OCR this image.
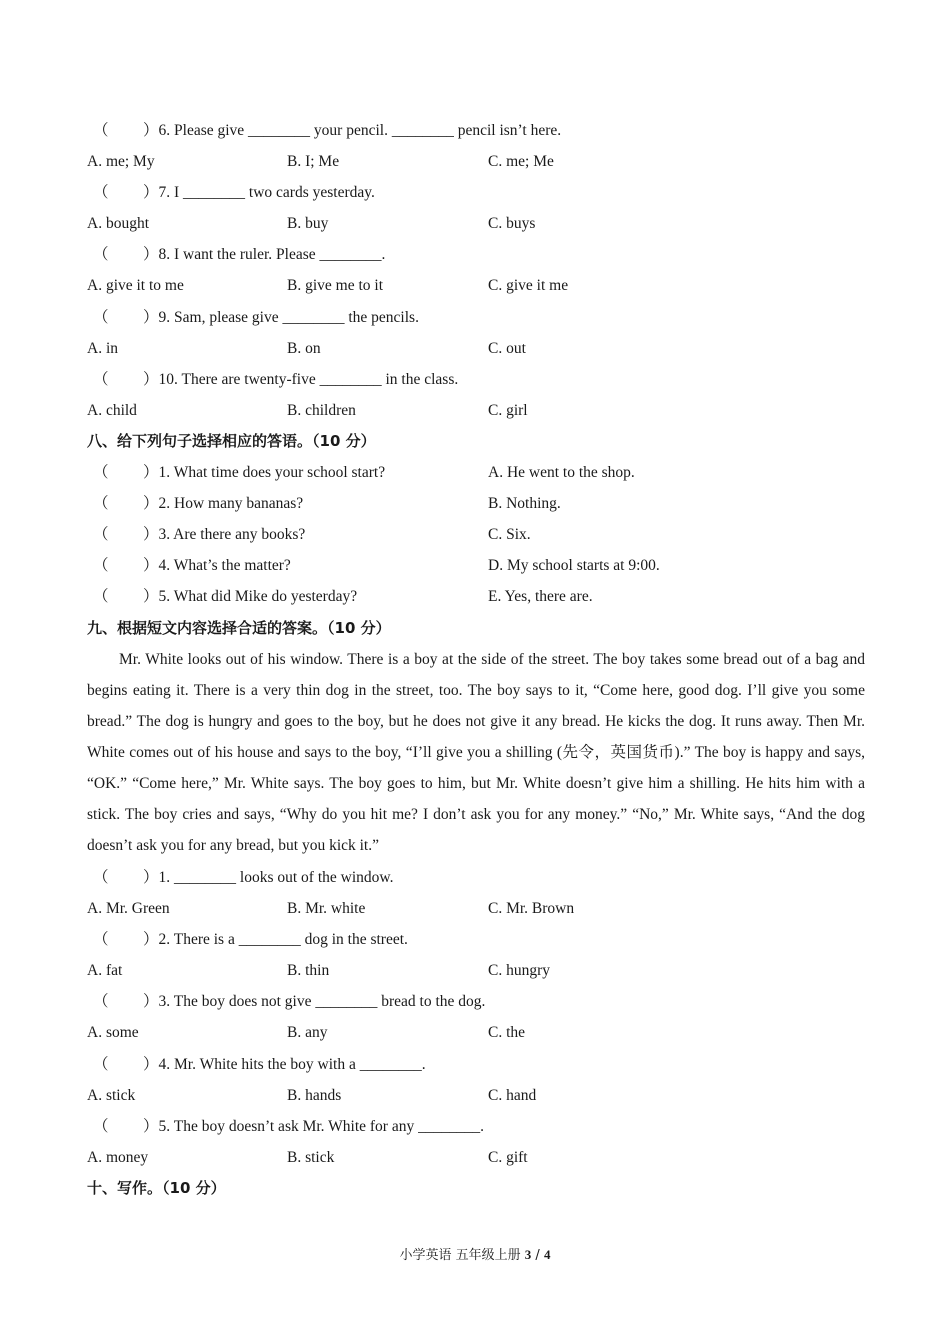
（ ）6. Please give ________ your pencil. ________ pencil isn’t here.
A. me; My	B. I; Me	C. me; Me
（ ）7. I ________ two cards yesterday.
A. bought	B. buy	C. buys
（ ）8. I want the ruler. Please ________.
A. give it to me	B. give me to it	C. give it me
（ ）9. Sam, please give ________ the pencils.
A. in	B. on	C. out
（ ）10. There are twenty-five ________ in the class.
A. child	B. children	C. girl
八、给下列句子选择相应的答语。（10 分）
（ ）1. What time does your school start?	A. He went to the shop.
（ ）2. How many bananas?	B. Nothing.
（ ）3. Are there any books?	C. Six.
（ ）4. What’s the matter?	D. My school starts at 9:00.
（ ）5. What did Mike do yesterday?	E. Yes, there are.
九、根据短文内容选择合适的答案。（10 分）
Mr. White looks out of his window. There is a boy at the side of the street. The boy takes some bread out of a bag and begins eating it. There is a very thin dog in the street, too. The boy says to it, “Come here, good dog. I’ll give you some bread.” The dog is hungry and goes to the boy, but he does not give it any bread. He kicks the dog. It runs away. Then Mr. White comes out of his house and says to the boy, “I’ll give you a shilling (先令，英国货币).” The boy is happy and says, “OK.” “Come here,” Mr. White says. The boy goes to him, but Mr. White doesn’t give him a shilling. He hits him with a stick. The boy cries and says, “Why do you hit me? I don’t ask you for any money.” “No,” Mr. White says, “And the dog doesn’t ask you for any bread, but you kick it.”
（ ）1. ________ looks out of the window.
A. Mr. Green	B. Mr. white	C. Mr. Brown
（ ）2. There is a ________ dog in the street.
A. fat	B. thin	C. hungry
（ ）3. The boy does not give ________ bread to the dog.
A. some	B. any	C. the
（ ）4. Mr. White hits the boy with a ________.
A. stick	B. hands	C. hand
（ ）5. The boy doesn’t ask Mr. White for any ________.
A. money	B. stick	C. gift
十、写作。（10 分）
小学英语 五年级上册 3 / 4
